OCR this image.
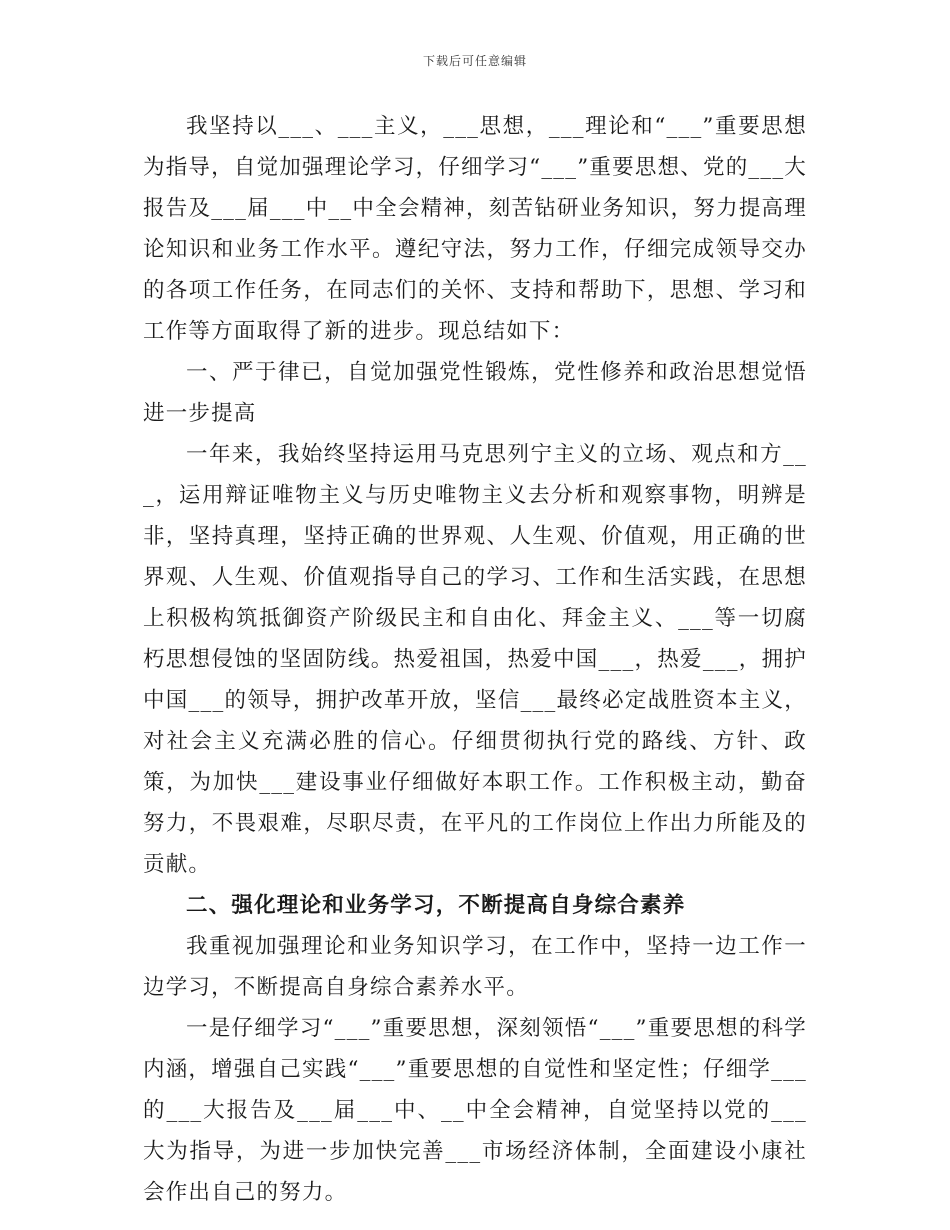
下载后可任意编辑

我坚持以___、___主义，___思想，___理论和“___”重要思想为指导，自觉加强理论学习，仔细学习“___”重要思想、党的___大报告及___届___中__中全会精神，刻苦钻研业务知识，努力提高理论知识和业务工作水平。遵纪守法，努力工作，仔细完成领导交办的各项工作任务，在同志们的关怀、支持和帮助下，思想、学习和工作等方面取得了新的进步。现总结如下：

一、严于律已，自觉加强党性锻炼，党性修养和政治思想觉悟进一步提高

一年来，我始终坚持运用马克思列宁主义的立场、观点和方___，运用辩证唯物主义与历史唯物主义去分析和观察事物，明辨是非，坚持真理，坚持正确的世界观、人生观、价值观，用正确的世界观、人生观、价值观指导自己的学习、工作和生活实践，在思想上积极构筑抵御资产阶级民主和自由化、拜金主义、___等一切腐朽思想侵蚀的坚固防线。热爱祖国，热爱中国___，热爱___，拥护中国___的领导，拥护改革开放，坚信___最终必定战胜资本主义，对社会主义充满必胜的信心。仔细贯彻执行党的路线、方针、政策，为加快___建设事业仔细做好本职工作。工作积极主动，勤奋努力，不畏艰难，尽职尽责，在平凡的工作岗位上作出力所能及的贡献。

二、强化理论和业务学习，不断提高自身综合素养

我重视加强理论和业务知识学习，在工作中，坚持一边工作一边学习，不断提高自身综合素养水平。

一是仔细学习“___”重要思想，深刻领悟“___”重要思想的科学内涵，增强自己实践“___”重要思想的自觉性和坚定性；仔细学___的___大报告及___届___中、__中全会精神，自觉坚持以党的___大为指导，为进一步加快完善___市场经济体制，全面建设小康社会作出自己的努力。
